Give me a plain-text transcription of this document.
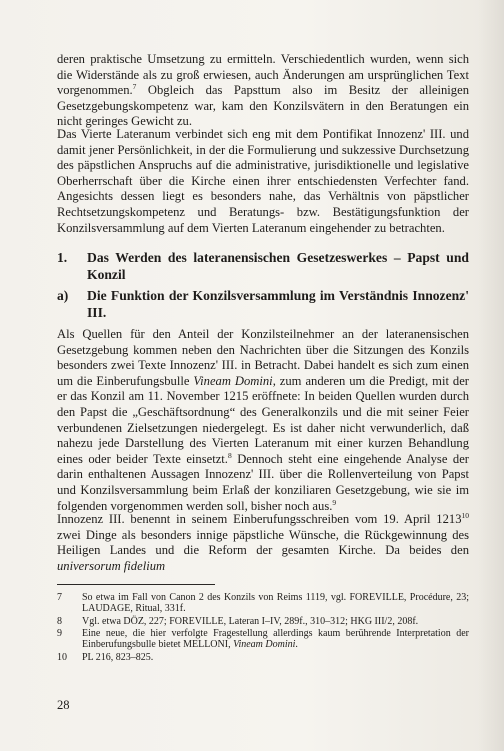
deren praktische Umsetzung zu ermitteln. Verschiedentlich wurden, wenn sich die Widerstände als zu groß erwiesen, auch Änderungen am ursprünglichen Text vorgenommen.$^7$ Obgleich das Papsttum also im Besitz der alleinigen Gesetzgebungskompetenz war, kam den Konzilsvätern in den Beratungen ein nicht geringes Gewicht zu.
Das Vierte Lateranum verbindet sich eng mit dem Pontifikat Innozenz' III. und damit jener Persönlichkeit, in der die Formulierung und sukzessive Durchsetzung des päpstlichen Anspruchs auf die administrative, jurisdiktionelle und legislative Oberherrschaft über die Kirche einen ihrer entschiedensten Verfechter fand. Angesichts dessen liegt es besonders nahe, das Verhältnis von päpstlicher Rechtsetzungskompetenz und Beratungs- bzw. Bestätigungsfunktion der Konzilsversammlung auf dem Vierten Lateranum eingehender zu betrachten.
1. Das Werden des lateranensischen Gesetzeswerkes – Papst und Konzil
a) Die Funktion der Konzilsversammlung im Verständnis Innozenz' III.
Als Quellen für den Anteil der Konzilsteilnehmer an der lateranensischen Gesetzgebung kommen neben den Nachrichten über die Sitzungen des Konzils besonders zwei Texte Innozenz' III. in Betracht. Dabei handelt es sich zum einen um die Einberufungsbulle Vineam Domini, zum anderen um die Predigt, mit der er das Konzil am 11. November 1215 eröffnete: In beiden Quellen wurden durch den Papst die „Geschäftsordnung“ des Generalkonzils und die mit seiner Feier verbundenen Zielsetzungen niedergelegt. Es ist daher nicht verwunderlich, daß nahezu jede Darstellung des Vierten Lateranum mit einer kurzen Behandlung eines oder beider Texte einsetzt.$^8$ Dennoch steht eine eingehende Analyse der darin enthaltenen Aussagen Innozenz' III. über die Rollenverteilung von Papst und Konzilsversammlung beim Erlaß der konziliaren Gesetzgebung, wie sie im folgenden vorgenommen werden soll, bisher noch aus.$^9$
Innozenz III. benennt in seinem Einberufungsschreiben vom 19. April 1213$^{10}$ zwei Dinge als besonders innige päpstliche Wünsche, die Rückgewinnung des Heiligen Landes und die Reform der gesamten Kirche. Da beides den universorum fidelium
7 So etwa im Fall von Canon 2 des Konzils von Reims 1119, vgl. FOREVILLE, Procédure, 23; LAUDAGE, Ritual, 331f.
8 Vgl. etwa DÖZ, 227; FOREVILLE, Lateran I–IV, 289f., 310–312; HKG III/2, 208f.
9 Eine neue, die hier verfolgte Fragestellung allerdings kaum berührende Interpretation der Einberufungsbulle bietet MELLONI, Vineam Domini.
10 PL 216, 823–825.
28
